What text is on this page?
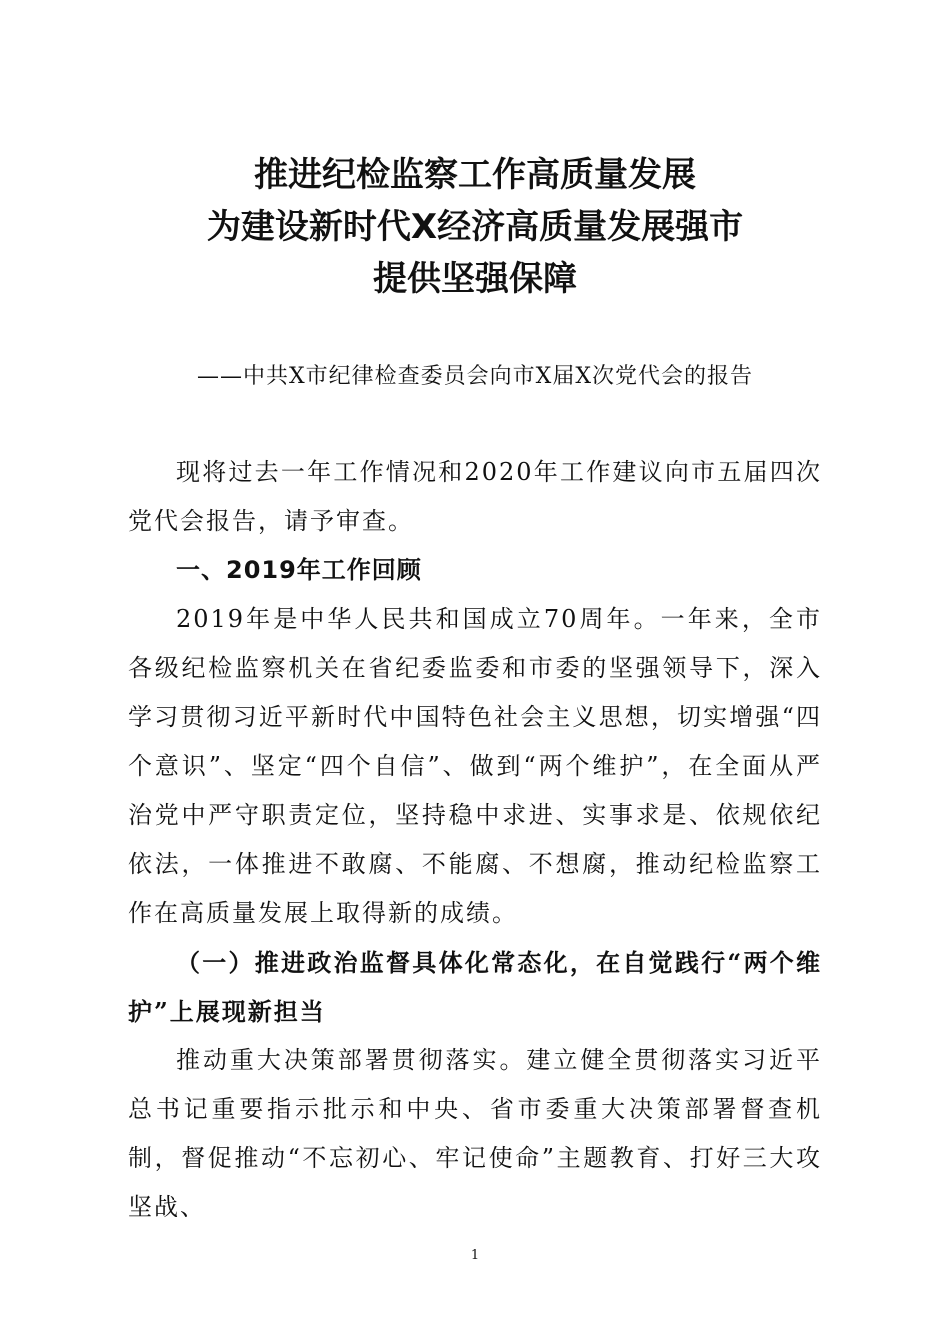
推进纪检监察工作高质量发展
为建设新时代X经济高质量发展强市
提供坚强保障
——中共X市纪律检查委员会向市X届X次党代会的报告

现将过去一年工作情况和2020年工作建议向市五届四次党代会报告，请予审查。

一、2019年工作回顾

2019年是中华人民共和国成立70周年。一年来，全市各级纪检监察机关在省纪委监委和市委的坚强领导下，深入学习贯彻习近平新时代中国特色社会主义思想，切实增强“四个意识”、坚定“四个自信”、做到“两个维护”，在全面从严治党中严守职责定位，坚持稳中求进、实事求是、依规依纪依法，一体推进不敢腐、不能腐、不想腐，推动纪检监察工作在高质量发展上取得新的成绩。

（一）推进政治监督具体化常态化，在自觉践行“两个维护”上展现新担当

推动重大决策部署贯彻落实。建立健全贯彻落实习近平总书记重要指示批示和中央、省市委重大决策部署督查机制，督促推动“不忘初心、牢记使命”主题教育、打好三大攻坚战、

1
